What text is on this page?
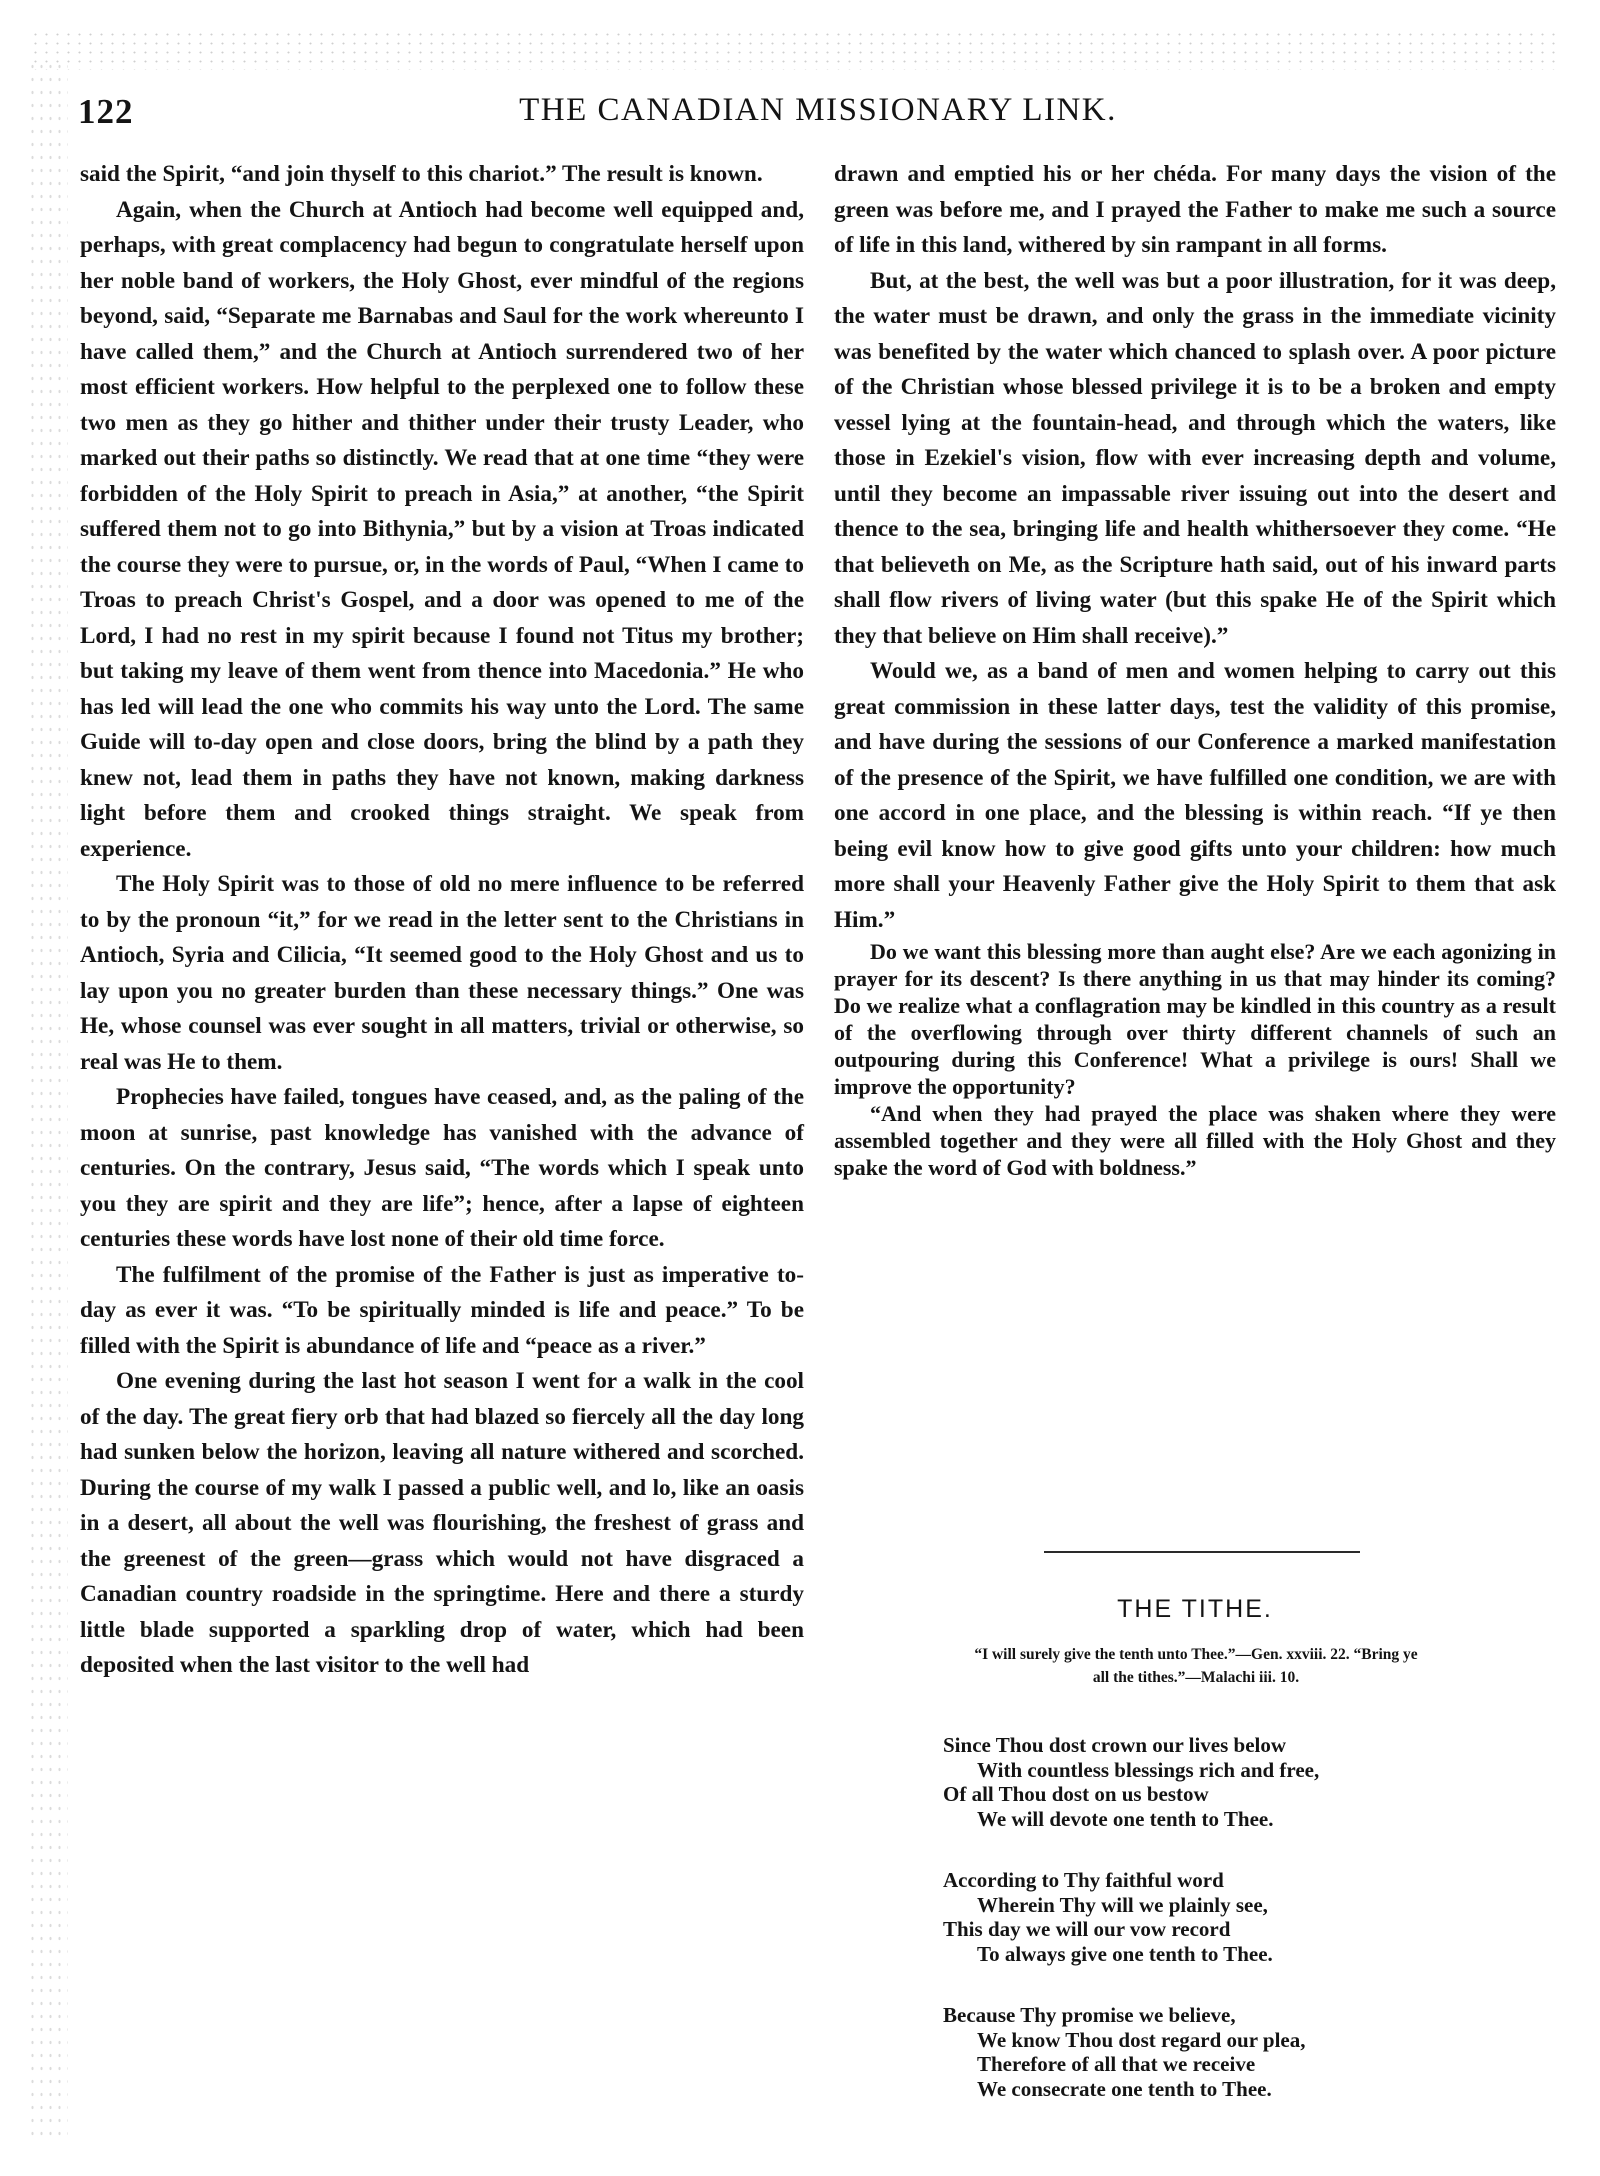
122	THE CANADIAN MISSIONARY LINK.

said the Spirit, “and join thyself to this chariot.” The result is known.

Again, when the Church at Antioch had become well equipped and, perhaps, with great complacency had begun to congratulate herself upon her noble band of workers, the Holy Ghost, ever mindful of the regions beyond, said, “Separate me Barnabas and Saul for the work whereunto I have called them,” and the Church at Antioch surrendered two of her most efficient workers. How helpful to the perplexed one to follow these two men as they go hither and thither under their trusty Leader, who marked out their paths so distinctly. We read that at one time “they were forbidden of the Holy Spirit to preach in Asia,” at another, “the Spirit suffered them not to go into Bithynia,” but by a vision at Troas indicated the course they were to pursue, or, in the words of Paul, “When I came to Troas to preach Christ's Gospel, and a door was opened to me of the Lord, I had no rest in my spirit because I found not Titus my brother; but taking my leave of them went from thence into Macedonia.” He who has led will lead the one who commits his way unto the Lord. The same Guide will to-day open and close doors, bring the blind by a path they knew not, lead them in paths they have not known, making darkness light before them and crooked things straight. We speak from experience.

The Holy Spirit was to those of old no mere influence to be referred to by the pronoun “it,” for we read in the letter sent to the Christians in Antioch, Syria and Cilicia, “It seemed good to the Holy Ghost and us to lay upon you no greater burden than these necessary things.” One was He, whose counsel was ever sought in all matters, trivial or otherwise, so real was He to them.

Prophecies have failed, tongues have ceased, and, as the paling of the moon at sunrise, past knowledge has vanished with the advance of centuries. On the contrary, Jesus said, “The words which I speak unto you they are spirit and they are life”; hence, after a lapse of eighteen centuries these words have lost none of their old time force.

The fulfilment of the promise of the Father is just as imperative to-day as ever it was. “To be spiritually minded is life and peace.” To be filled with the Spirit is abundance of life and “peace as a river.”

One evening during the last hot season I went for a walk in the cool of the day. The great fiery orb that had blazed so fiercely all the day long had sunken below the horizon, leaving all nature withered and scorched. During the course of my walk I passed a public well, and lo, like an oasis in a desert, all about the well was flourishing, the freshest of grass and the greenest of the green—grass which would not have disgraced a Canadian country roadside in the springtime. Here and there a sturdy little blade supported a sparkling drop of water, which had been deposited when the last visitor to the well had

drawn and emptied his or her chéda. For many days the vision of the green was before me, and I prayed the Father to make me such a source of life in this land, withered by sin rampant in all forms.

But, at the best, the well was but a poor illustration, for it was deep, the water must be drawn, and only the grass in the immediate vicinity was benefited by the water which chanced to splash over. A poor picture of the Christian whose blessed privilege it is to be a broken and empty vessel lying at the fountain-head, and through which the waters, like those in Ezekiel's vision, flow with ever increasing depth and volume, until they become an impassable river issuing out into the desert and thence to the sea, bringing life and health whithersoever they come. “He that believeth on Me, as the Scripture hath said, out of his inward parts shall flow rivers of living water (but this spake He of the Spirit which they that believe on Him shall receive).”

Would we, as a band of men and women helping to carry out this great commission in these latter days, test the validity of this promise, and have during the sessions of our Conference a marked manifestation of the presence of the Spirit, we have fulfilled one condition, we are with one accord in one place, and the blessing is within reach. “If ye then being evil know how to give good gifts unto your children: how much more shall your Heavenly Father give the Holy Spirit to them that ask Him.”

Do we want this blessing more than aught else? Are we each agonizing in prayer for its descent? Is there anything in us that may hinder its coming? Do we realize what a conflagration may be kindled in this country as a result of the overflowing through over thirty different channels of such an outpouring during this Conference! What a privilege is ours! Shall we improve the opportunity?

“And when they had prayed the place was shaken where they were assembled together and they were all filled with the Holy Ghost and they spake the word of God with boldness.”

THE TITHE.
“I will surely give the tenth unto Thee.”—Gen. xxviii. 22. “Bring ye
all the tithes.”—Malachi iii. 10.
Since Thou dost crown our lives below
With countless blessings rich and free,
Of all Thou dost on us bestow
We will devote one tenth to Thee.
According to Thy faithful word
Wherein Thy will we plainly see,
This day we will our vow record
To always give one tenth to Thee.
Because Thy promise we believe,
We know Thou dost regard our plea,
Therefore of all that we receive
We consecrate one tenth to Thee.
